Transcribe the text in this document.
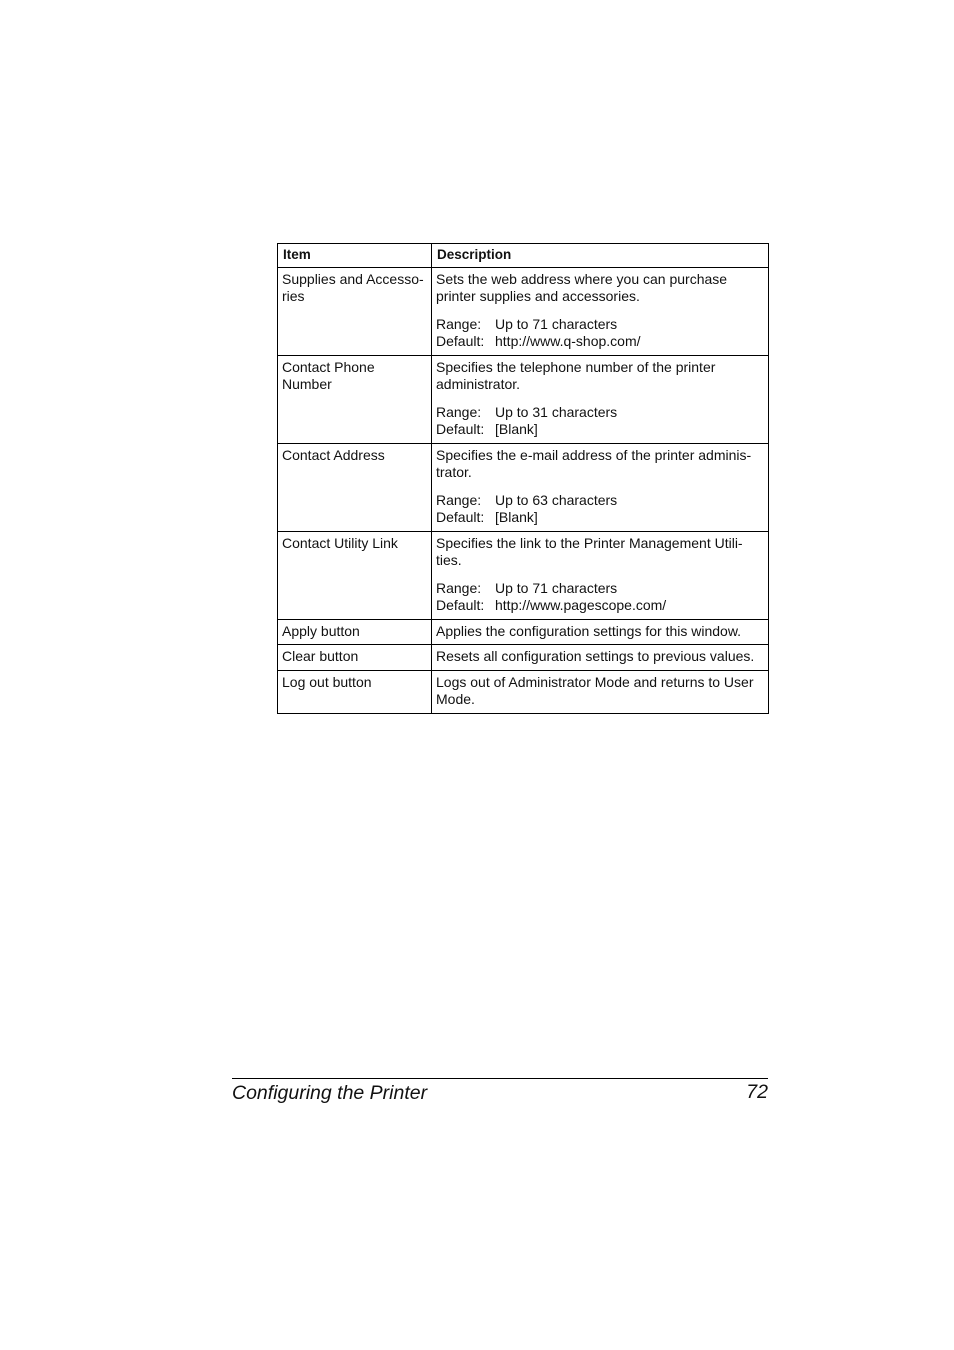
Item	Description
Supplies and Accesso-ries	Sets the web address where you can purchase printer supplies and accessories.
Range: Up to 71 characters
Default: http://www.q-shop.com/

Contact Phone Number	Specifies the telephone number of the printer administrator.
Range: Up to 31 characters
Default: [Blank]

Contact Address	Specifies the e-mail address of the printer adminis-trator.
Range: Up to 63 characters
Default: [Blank]

Contact Utility Link	Specifies the link to the Printer Management Utili-ties.
Range: Up to 71 characters
Default: http://www.pagescope.com/

Apply button	Applies the configuration settings for this window.

Clear button	Resets all configuration settings to previous values.

Log out button	Logs out of Administrator Mode and returns to User Mode.
Configuring the Printer	72
